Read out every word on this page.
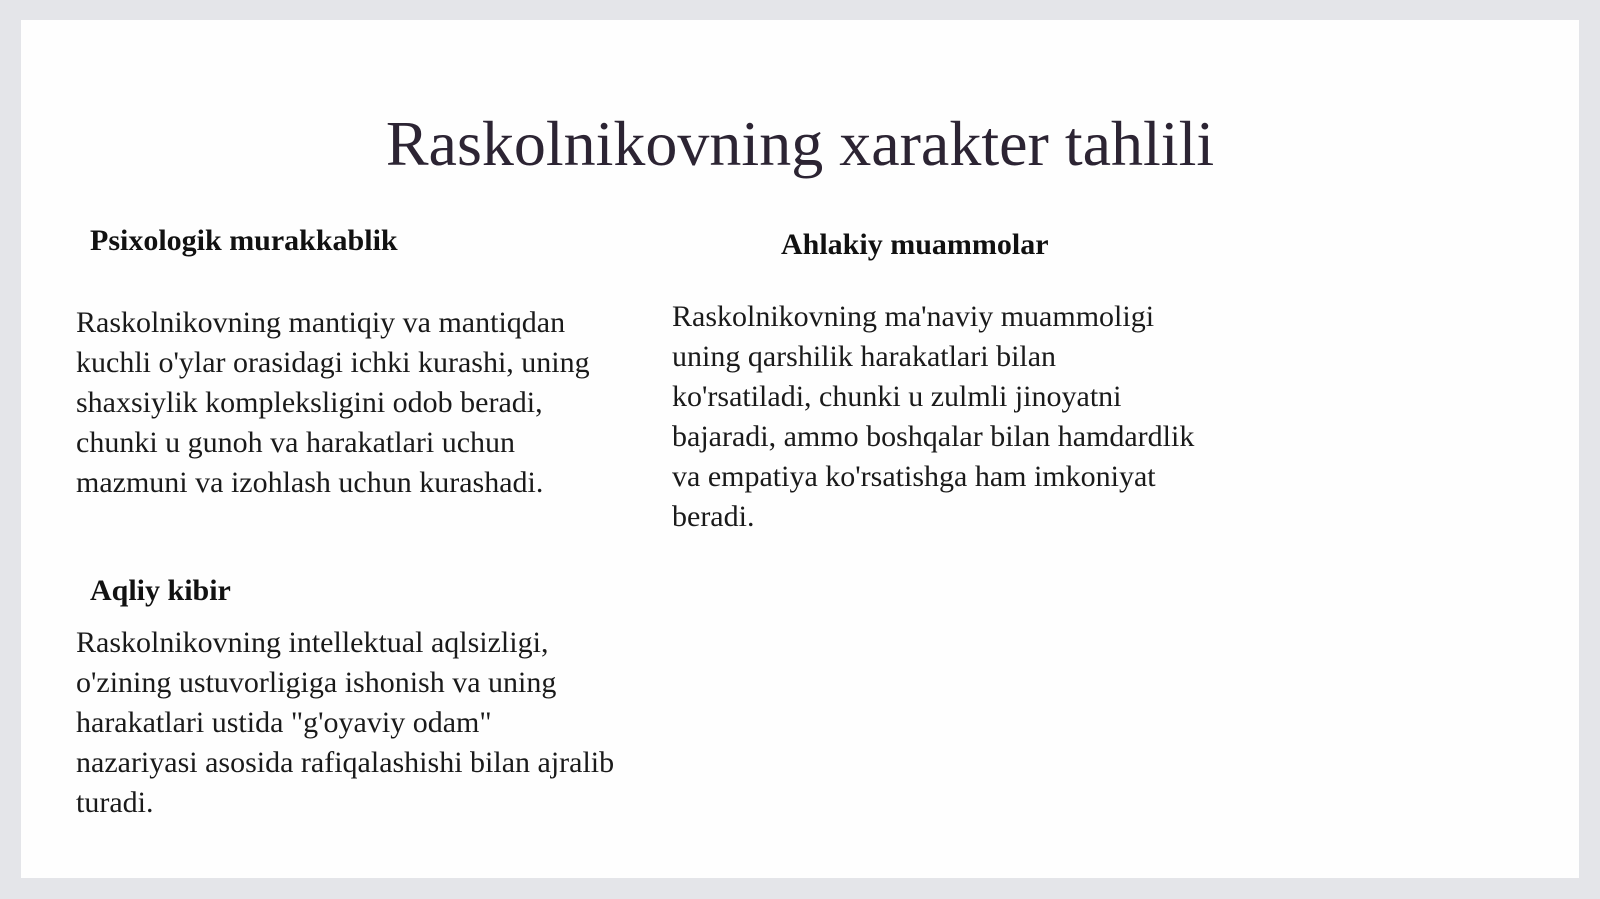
Raskolnikovning xarakter tahlili
Psixologik murakkablik

Raskolnikovning mantiqiy va mantiqdan kuchli o'ylar orasidagi ichki kurashi, uning shaxsiylik kompleksligini odob beradi, chunki u gunoh va harakatlari uchun mazmuni va izohlash uchun kurashadi.

Aqliy kibir

Raskolnikovning intellektual aqlsizligi, o'zining ustuvorligiga ishonish va uning harakatlari ustida "g'oyaviy odam" nazariyasi asosida rafiqalashishi bilan ajralib turadi.

Ahlakiy muammolar

Raskolnikovning ma'naviy muammoligi uning qarshilik harakatlari bilan ko'rsatiladi, chunki u zulmli jinoyatni bajaradi, ammo boshqalar bilan hamdardlik va empatiya ko'rsatishga ham imkoniyat beradi.
